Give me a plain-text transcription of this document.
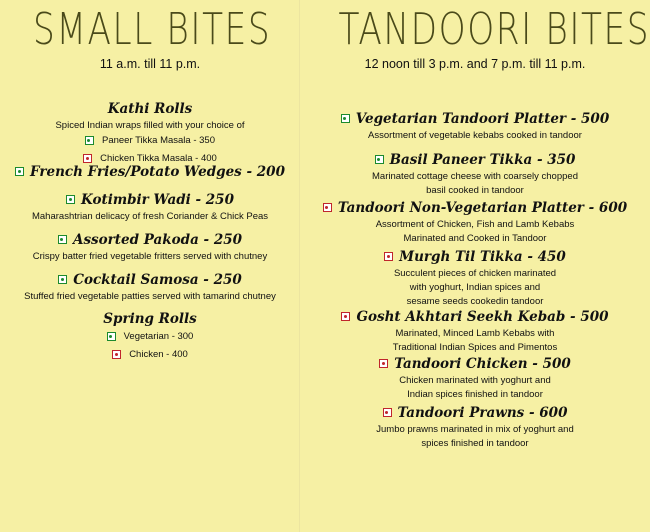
SMALL BITES
11 a.m. till 11 p.m.
Kathi Rolls
Spiced Indian wraps filled with your choice of
Paneer Tikka Masala - 350
Chicken Tikka Masala - 400
French Fries/Potato Wedges - 200
Kotimbir Wadi - 250
Maharashtrian delicacy of fresh Coriander & Chick Peas
Assorted Pakoda - 250
Crispy batter fried vegetable fritters served with chutney
Cocktail Samosa - 250
Stuffed fried vegetable patties served with tamarind chutney
Spring Rolls
Vegetarian - 300
Chicken - 400
TANDOORI BITES
12 noon till 3 p.m. and 7 p.m. till 11 p.m.
Vegetarian Tandoori Platter - 500
Assortment of vegetable kebabs cooked in tandoor
Basil Paneer Tikka - 350
Marinated cottage cheese with coarsely chopped
basil cooked in tandoor
Tandoori Non-Vegetarian Platter - 600
Assortment of Chicken, Fish and Lamb Kebabs
Marinated and Cooked in Tandoor
Murgh Til Tikka - 450
Succulent pieces of chicken marinated
with yoghurt, Indian spices and
sesame seeds cookedin tandoor
Gosht Akhtari Seekh Kebab - 500
Marinated, Minced Lamb Kebabs with
Traditional Indian Spices and Pimentos
Tandoori Chicken - 500
Chicken marinated with yoghurt and
Indian spices finished in tandoor
Tandoori Prawns - 600
Jumbo prawns marinated in mix of yoghurt and
spices finished in tandoor
